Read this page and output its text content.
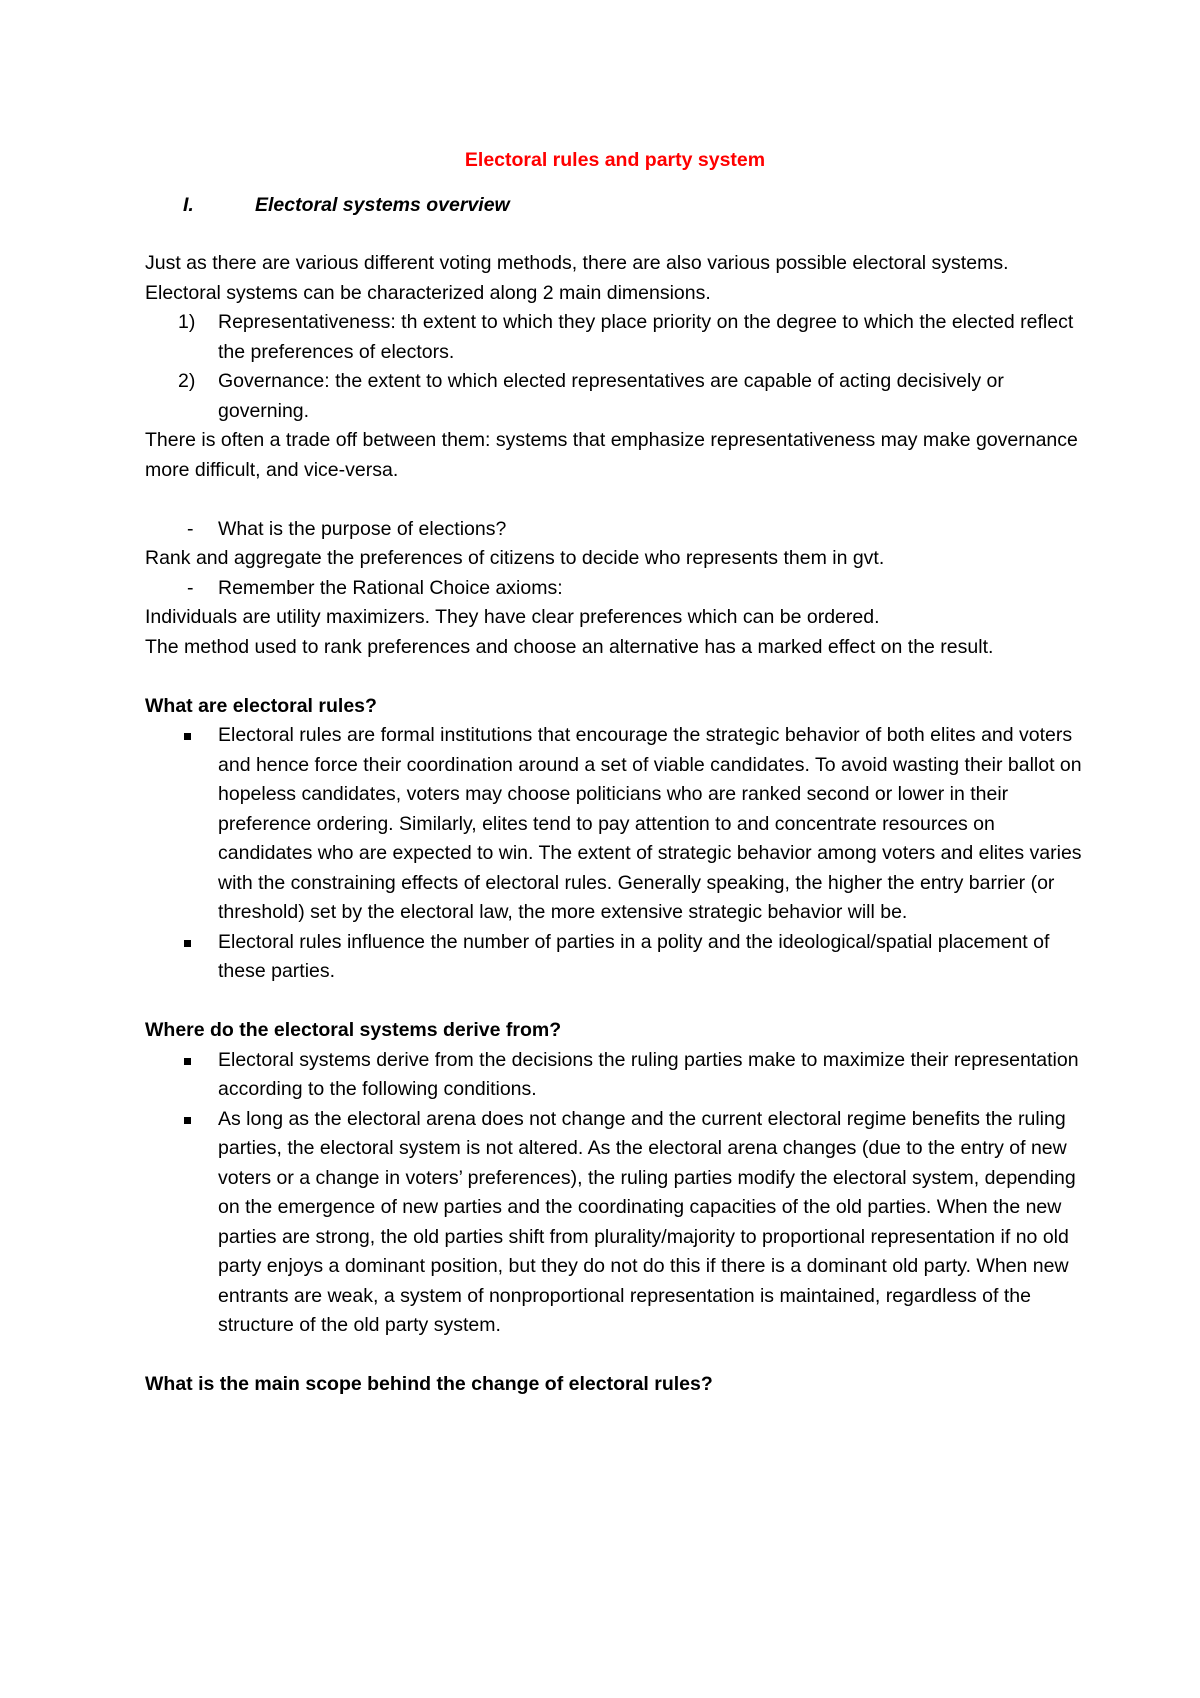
Electoral rules and party system

I.	Electoral systems overview

Just as there are various different voting methods, there are also various possible electoral systems. Electoral systems can be characterized along 2 main dimensions.

1) Representativeness: th extent to which they place priority on the degree to which the elected reflect the preferences of electors.
2) Governance: the extent to which elected representatives are capable of acting decisively or governing.

There is often a trade off between them: systems that emphasize representativeness may make governance more difficult, and vice-versa.

- What is the purpose of elections?

Rank and aggregate the preferences of citizens to decide who represents them in gvt.

- Remember the Rational Choice axioms:

Individuals are utility maximizers. They have clear preferences which can be ordered.

The method used to rank preferences and choose an alternative has a marked effect on the result.

What are electoral rules?

Electoral rules are formal institutions that encourage the strategic behavior of both elites and voters and hence force their coordination around a set of viable candidates. To avoid wasting their ballot on hopeless candidates, voters may choose politicians who are ranked second or lower in their preference ordering. Similarly, elites tend to pay attention to and concentrate resources on candidates who are expected to win. The extent of strategic behavior among voters and elites varies with the constraining effects of electoral rules. Generally speaking, the higher the entry barrier (or threshold) set by the electoral law, the more extensive strategic behavior will be.
Electoral rules influence the number of parties in a polity and the ideological/spatial placement of these parties.

Where do the electoral systems derive from?

Electoral systems derive from the decisions the ruling parties make to maximize their representation according to the following conditions.
As long as the electoral arena does not change and the current electoral regime benefits the ruling parties, the electoral system is not altered. As the electoral arena changes (due to the entry of new voters or a change in voters’ preferences), the ruling parties modify the electoral system, depending on the emergence of new parties and the coordinating capacities of the old parties. When the new parties are strong, the old parties shift from plurality/majority to proportional representation if no old party enjoys a dominant position, but they do not do this if there is a dominant old party. When new entrants are weak, a system of nonproportional representation is maintained, regardless of the structure of the old party system.

What is the main scope behind the change of electoral rules?
